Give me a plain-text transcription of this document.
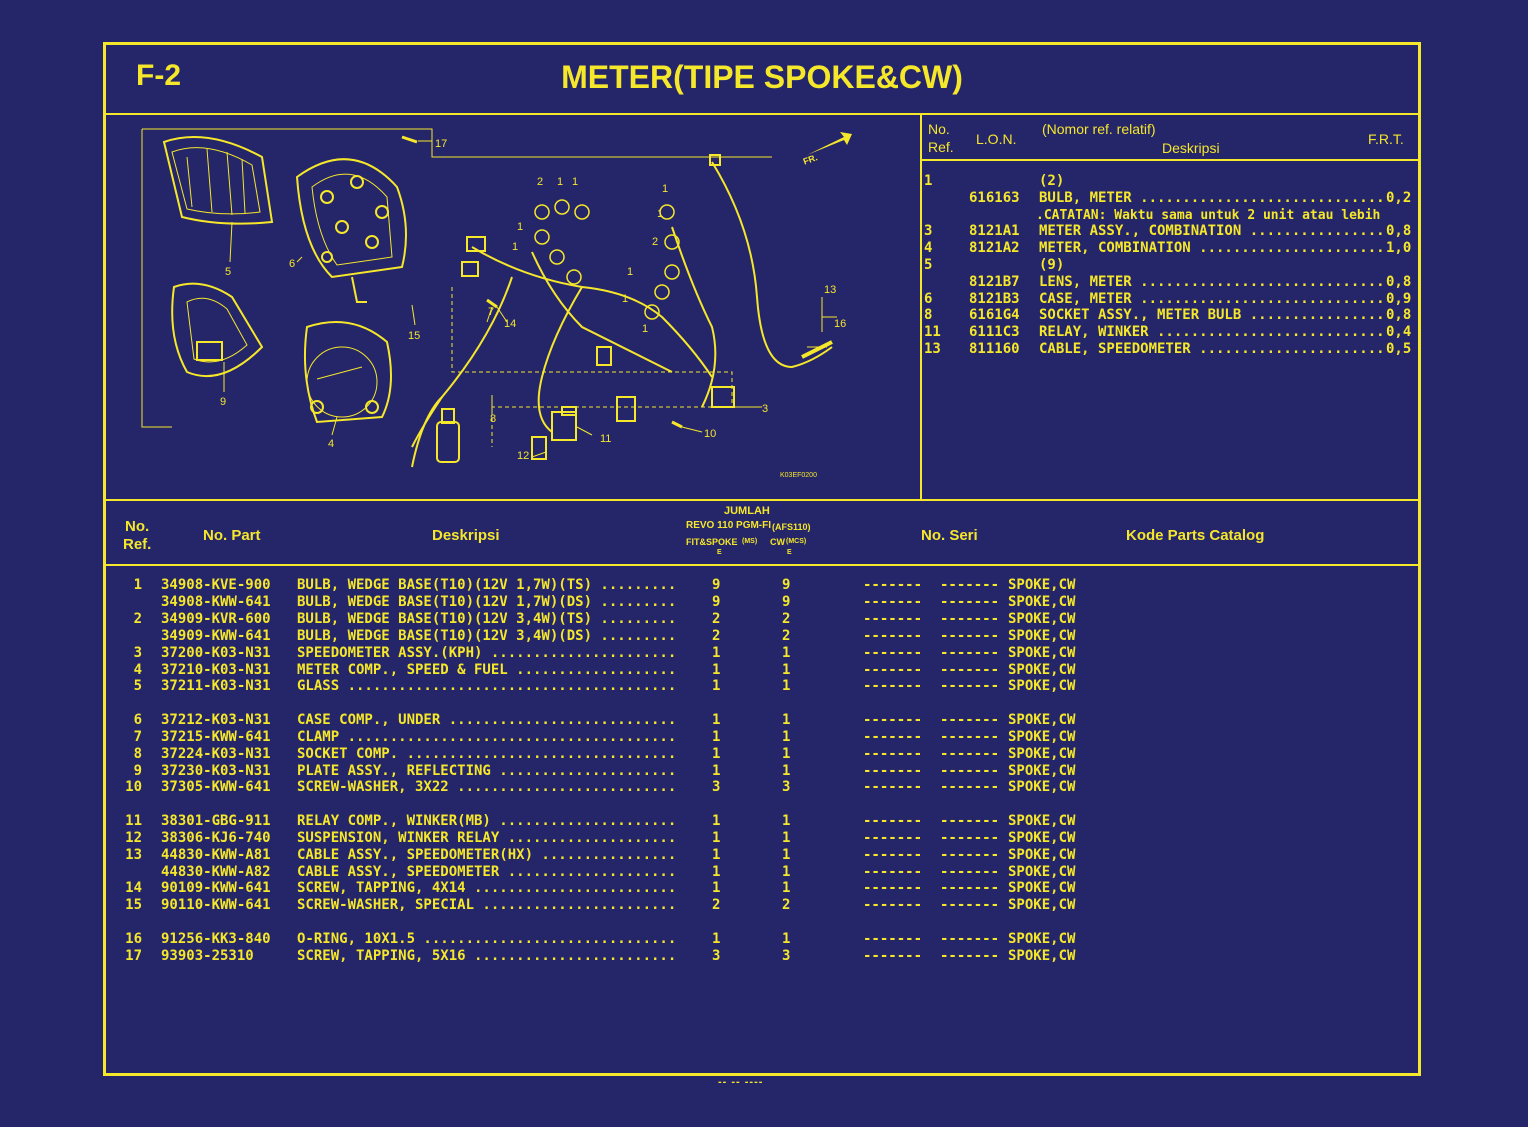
F-2	METER(TIPE SPOKE&CW)
17
FR.
2 1 1
1
1
1
1
2
1
1
1
5
6
15
9
4
7
14
8
3
13
16
11	10
12
K03EF0200
No.
Ref. L.O.N.
(Nomor ref. relatif)
Deskripsi
F.R.T.
1	(2)
616163 BULB, METER ............................. 0,2
.CATATAN: Waktu sama untuk 2 unit atau lebih
3	8121A1 METER ASSY., COMBINATION ................ 0,8
4	8121A2 METER, COMBINATION ...................... 1,0
5	(9)
8121B7 LENS, METER ............................. 0,8
6	8121B3 CASE, METER ............................. 0,9
8	6161G4 SOCKET ASSY., METER BULB ................ 0,8
11 6111C3 RELAY, WINKER ........................... 0,4
13 811160 CABLE, SPEEDOMETER ...................... 0,5
No.
Ref.
No. Part	Deskripsi
JUMLAH
REVO 110 PGM-FI (AFS110)
FIT&SPOKE (MS) CW (MCS)
E	E
No. Seri	Kode Parts Catalog
1 34908-KVE-900 BULB, WEDGE BASE(T10)(12V 1,7W)(TS) .........	9	9	------- ------- SPOKE,CW
34908-KWW-641 BULB, WEDGE BASE(T10)(12V 1,7W)(DS) .........	9	9	------- ------- SPOKE,CW
2 34909-KVR-600 BULB, WEDGE BASE(T10)(12V 3,4W)(TS) .........	2	2	------- ------- SPOKE,CW
34909-KWW-641 BULB, WEDGE BASE(T10)(12V 3,4W)(DS) .........	2	2	------- ------- SPOKE,CW
3 37200-K03-N31 SPEEDOMETER ASSY.(KPH) ......................	1	1	------- ------- SPOKE,CW
4 37210-K03-N31 METER COMP., SPEED & FUEL ...................	1	1	------- ------- SPOKE,CW
5 37211-K03-N31 GLASS .......................................	1	1	------- ------- SPOKE,CW
6 37212-K03-N31 CASE COMP., UNDER ...........................	1	1	------- ------- SPOKE,CW
7 37215-KWW-641 CLAMP .......................................	1	1	------- ------- SPOKE,CW
8 37224-K03-N31 SOCKET COMP. ................................	1	1	------- ------- SPOKE,CW
9 37230-K03-N31 PLATE ASSY., REFLECTING .....................	1	1	------- ------- SPOKE,CW
10 37305-KWW-641 SCREW-WASHER, 3X22 ..........................	3	3	------- ------- SPOKE,CW
11 38301-GBG-911 RELAY COMP., WINKER(MB) .....................	1	1	------- ------- SPOKE,CW
12 38306-KJ6-740 SUSPENSION, WINKER RELAY ....................	1	1	------- ------- SPOKE,CW
13 44830-KWW-A81 CABLE ASSY., SPEEDOMETER(HX) ................	1	1	------- ------- SPOKE,CW
44830-KWW-A82 CABLE ASSY., SPEEDOMETER ....................	1	1	------- ------- SPOKE,CW
14 90109-KWW-641 SCREW, TAPPING, 4X14 ........................	1	1	------- ------- SPOKE,CW
15 90110-KWW-641 SCREW-WASHER, SPECIAL .......................	2	2	------- ------- SPOKE,CW
16 91256-KK3-840 O-RING, 10X1.5 ..............................	1	1	------- ------- SPOKE,CW
17 93903-25310	SCREW, TAPPING, 5X16 ........................	3	3	------- ------- SPOKE,CW
-- -- ----
